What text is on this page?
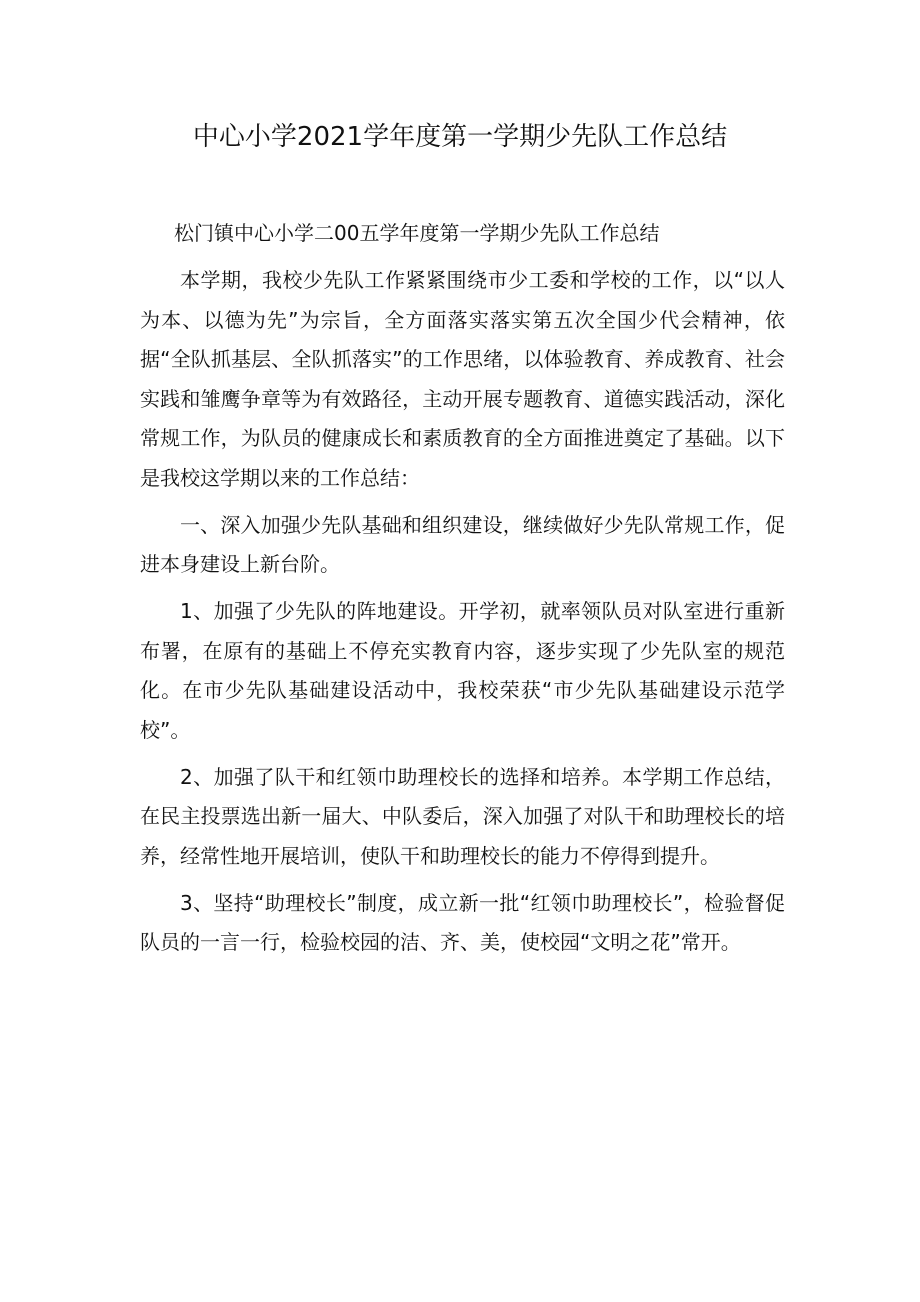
中心小学2021学年度第一学期少先队工作总结

松门镇中心小学二00五学年度第一学期少先队工作总结

本学期，我校少先队工作紧紧围绕市少工委和学校的工作，以“以人为本、以德为先”为宗旨，全方面落实落实第五次全国少代会精神，依据“全队抓基层、全队抓落实”的工作思绪，以体验教育、养成教育、社会实践和雏鹰争章等为有效路径，主动开展专题教育、道德实践活动，深化常规工作，为队员的健康成长和素质教育的全方面推进奠定了基础。以下是我校这学期以来的工作总结：

一、深入加强少先队基础和组织建设，继续做好少先队常规工作，促进本身建设上新台阶。

1、加强了少先队的阵地建设。开学初，就率领队员对队室进行重新布署，在原有的基础上不停充实教育内容，逐步实现了少先队室的规范化。在市少先队基础建设活动中，我校荣获“市少先队基础建设示范学校”。

2、加强了队干和红领巾助理校长的选择和培养。本学期工作总结，在民主投票选出新一届大、中队委后，深入加强了对队干和助理校长的培养，经常性地开展培训，使队干和助理校长的能力不停得到提升。

3、坚持“助理校长”制度，成立新一批“红领巾助理校长”，检验督促队员的一言一行，检验校园的洁、齐、美，使校园“文明之花”常开。
